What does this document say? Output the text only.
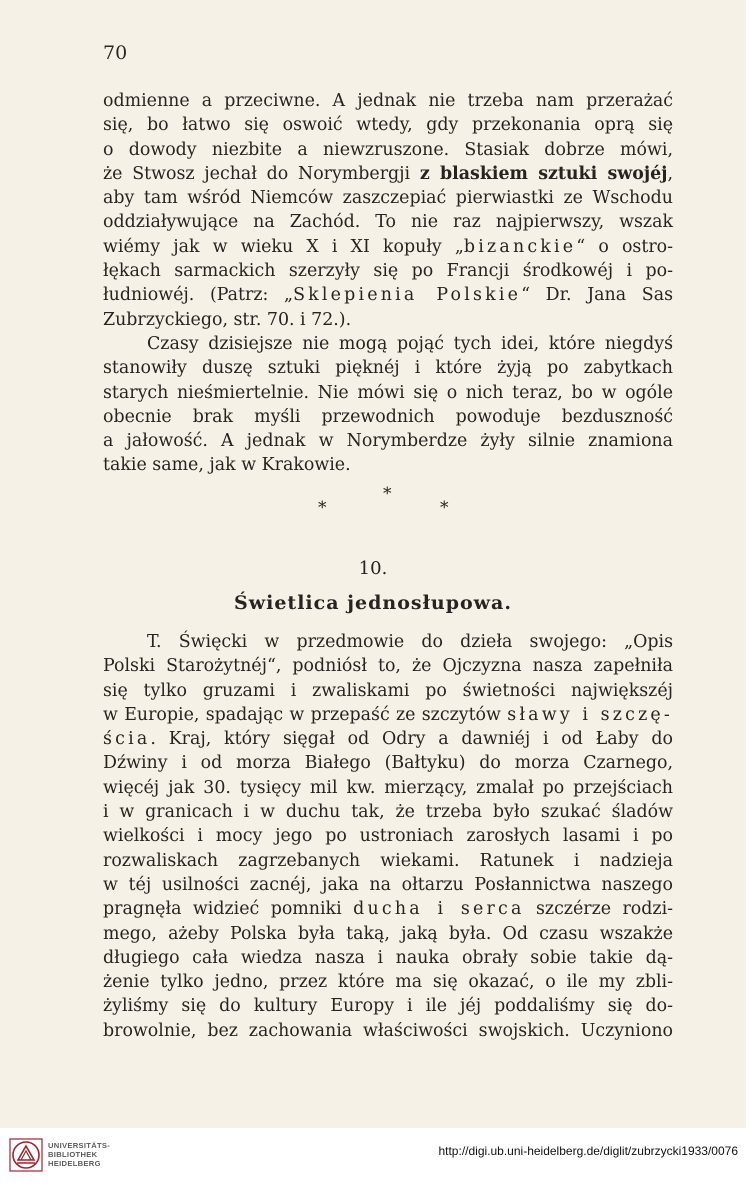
70
odmienne a przeciwne. A jednak nie trzeba nam przerażać
się, bo łatwo się oswoić wtedy, gdy przekonania oprą się
o dowody niezbite a niewzruszone. Stasiak dobrze mówi,
że Stwosz jechał do Norymbergji z blaskiem sztuki swojéj,
aby tam wśród Niemców zaszczepiać pierwiastki ze Wschodu
oddziaływujące na Zachód. To nie raz najpierwszy, wszak
wiémy jak w wieku X i XI kopuły „bizanckie“ o ostro-
łękach sarmackich szerzyły się po Francji środkowéj i po-
łudniowéj. (Patrz: „Sklepienia Polskie“ Dr. Jana Sas
Zubrzyckiego, str. 70. i 72.).
Czasy dzisiejsze nie mogą pojąć tych idei, które niegdyś
stanowiły duszę sztuki pięknéj i które żyją po zabytkach
starych nieśmiertelnie. Nie mówi się o nich teraz, bo w ogóle
obecnie brak myśli przewodnich powoduje bezduszność
a jałowość. A jednak w Norymberdze żyły silnie znamiona
takie same, jak w Krakowie.
*
*	*
10.
Świetlica jednosłupowa.
T. Święcki w przedmowie do dzieła swojego: „Opis
Polski Starożytnéj“, podniósł to, że Ojczyzna nasza zapełniła
się tylko gruzami i zwaliskami po świetności największéj
w Europie, spadając w przepaść ze szczytów sławy i szczę-
ścia. Kraj, który sięgał od Odry a dawniéj i od Łaby do
Dźwiny i od morza Białego (Bałtyku) do morza Czarnego,
więcéj jak 30. tysięcy mil kw. mierzący, zmalał po przejściach
i w granicach i w duchu tak, że trzeba było szukać śladów
wielkości i mocy jego po ustroniach zarosłych lasami i po
rozwaliskach zagrzebanych wiekami. Ratunek i nadzieja
w téj usilności zacnéj, jaka na ołtarzu Posłannictwa naszego
pragnęła widzieć pomniki ducha i serca szczérze rodzi-
mego, ażeby Polska była taką, jaką była. Od czasu wszakże
długiego cała wiedza nasza i nauka obrały sobie takie dą-
żenie tylko jedno, przez które ma się okazać, o ile my zbli-
żyliśmy się do kultury Europy i ile jéj poddaliśmy się do-
browolnie, bez zachowania właściwości swojskich. Uczyniono
UNIVERSITÄTS-
BIBLIOTHEK
HEIDELBERG
http://digi.ub.uni-heidelberg.de/diglit/zubrzycki1933/0076
